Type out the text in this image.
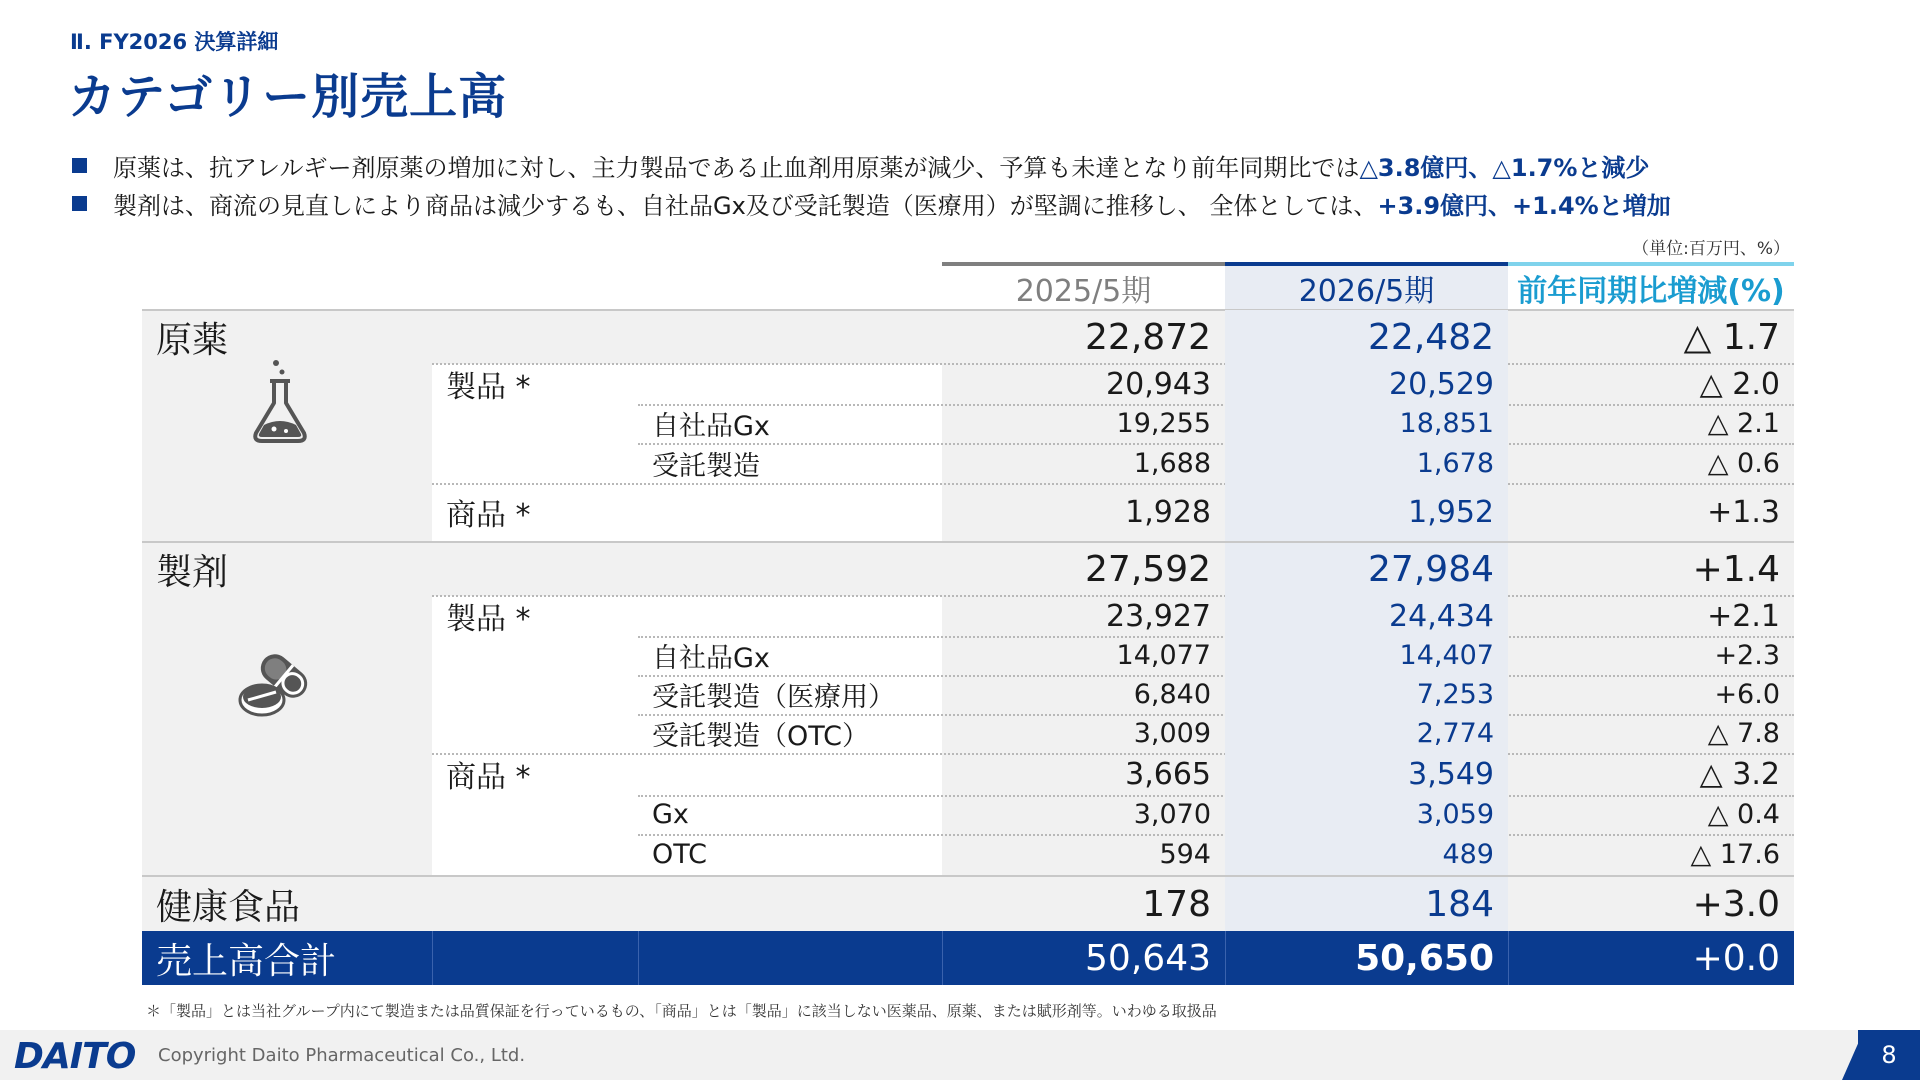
Ⅱ. FY2026 決算詳細
カテゴリー別売上高
原薬は、抗アレルギー剤原薬の増加に対し、主力製品である止血剤用原薬が減少、予算も未達となり前年同期比では △3.8億円、△1.7%と減少
製剤は、商流の見直しにより商品は減少するも、自社品Gx及び受託製造（医療用）が堅調に推移し、 全体としては、 +3.9億円、+1.4%と増加
（単位:百万円、%）
2025/5期	2026/5期	前年同期比増減(%)
原薬	22,872	22,482	△ 1.7
製品 *	20,943	20,529	△ 2.0
自社品Gx	19,255	18,851	△ 2.1
受託製造	1,688	1,678	△ 0.6
商品 *	1,928	1,952	+1.3
製剤	27,592	27,984	+1.4
製品 *	23,927	24,434	+2.1
自社品Gx	14,077	14,407	+2.3
受託製造（医療用）	6,840	7,253	+6.0
受託製造（OTC）	3,009	2,774	△ 7.8
商品 *	3,665	3,549	△ 3.2
Gx	3,070	3,059	△ 0.4
OTC	594	489	△ 17.6
健康食品	178	184	+3.0
売上高合計	50,643	50,650	+0.0
＊「製品」とは当社グループ内にて製造または品質保証を行っているもの、「商品」とは「製品」に該当しない医薬品、原薬、または賦形剤等。いわゆる取扱品
DAITO Copyright Daito Pharmaceutical Co., Ltd.	8
